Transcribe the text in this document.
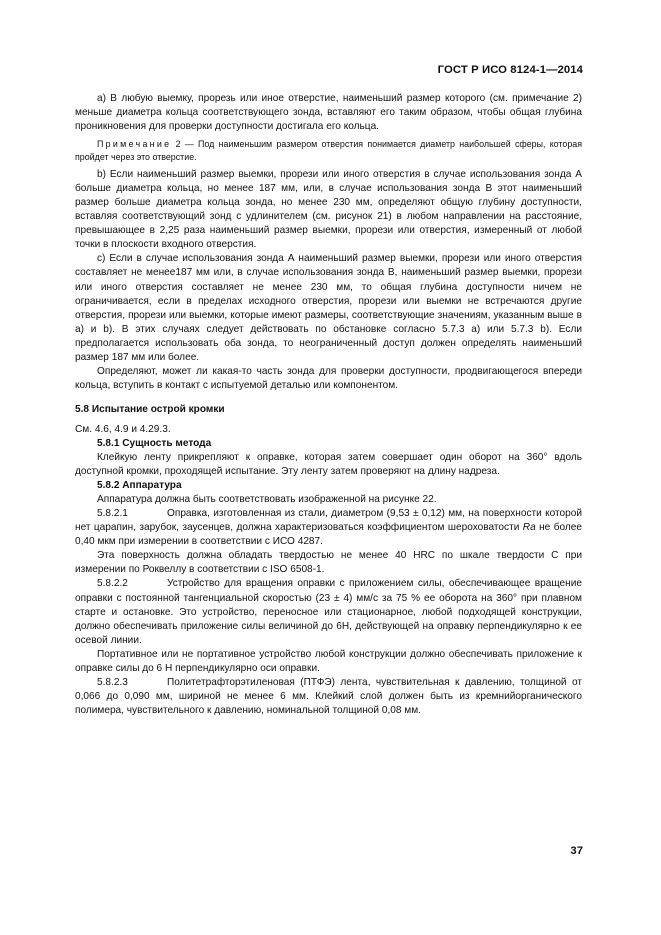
ГОСТ Р ИСО 8124-1—2014

а) В любую выемку, прорезь или иное отверстие, наименьший размер которого (см. примечание 2) меньше диаметра кольца соответствующего зонда, вставляют его таким образом, чтобы общая глубина проникновения для проверки доступности достигала его кольца.

Примечание 2 — Под наименьшим размером отверстия понимается диаметр наибольшей сферы, которая пройдет через это отверстие.

b) Если наименьший размер выемки, прорези или иного отверстия в случае использования зонда А больше диаметра кольца, но менее 187 мм, или, в случае использования зонда В этот наименьший размер больше диаметра кольца зонда, но менее 230 мм, определяют общую глубину доступности, вставляя соответствующий зонд с удлинителем (см. рисунок 21) в любом направлении на расстояние, превышающее в 2,25 раза наименьший размер выемки, прорези или отверстия, измеренный от любой точки в плоскости входного отверстия.

с) Если в случае использования зонда А наименьший размер выемки, прорези или иного отверстия составляет не менее187 мм или, в случае использования зонда В, наименьший размер выемки, прорези или иного отверстия составляет не менее 230 мм, то общая глубина доступности ничем не ограничивается, если в пределах исходного отверстия, прорези или выемки не встречаются другие отверстия, прорези или выемки, которые имеют размеры, соответствующие значениям, указанным выше в а) и b). В этих случаях следует действовать по обстановке согласно 5.7.3 а) или 5.7.3 b). Если предполагается использовать оба зонда, то неограниченный доступ должен определять наименьший размер 187 мм или более.

Определяют, может ли какая-то часть зонда для проверки доступности, продвигающегося впереди кольца, вступить в контакт с испытуемой деталью или компонентом.

5.8 Испытание острой кромки

См. 4.6, 4.9 и 4.29.3.

5.8.1 Сущность метода

Клейкую ленту прикрепляют к оправке, которая затем совершает один оборот на 360° вдоль доступной кромки, проходящей испытание. Эту ленту затем проверяют на длину надреза.

5.8.2 Аппаратура

Аппаратура должна быть соответствовать изображенной на рисунке 22.

5.8.2.1	Оправка, изготовленная из стали, диаметром (9,53 ± 0,12) мм, на поверхности которой нет царапин, зарубок, заусенцев, должна характеризоваться коэффициентом шероховатости Ra не более 0,40 мкм при измерении в соответствии с ИСО 4287.

Эта поверхность должна обладать твердостью не менее 40 HRC по шкале твердости С при измерении по Роквеллу в соответствии с ISO 6508-1.

5.8.2.2	Устройство для вращения оправки с приложением силы, обеспечивающее вращение оправки с постоянной тангенциальной скоростью (23 ± 4) мм/с за 75 % ее оборота на 360° при плавном старте и остановке. Это устройство, переносное или стационарное, любой подходящей конструкции, должно обеспечивать приложение силы величиной до 6Н, действующей на оправку перпендикулярно к ее осевой линии.

Портативное или не портативное устройство любой конструкции должно обеспечивать приложение к оправке силы до 6 Н перпендикулярно оси оправки.

5.8.2.3	Политетрафторэтиленовая (ПТФЭ) лента, чувствительная к давлению, толщиной от 0,066 до 0,090 мм, шириной не менее 6 мм. Клейкий слой должен быть из кремнийорганического полимера, чувствительного к давлению, номинальной толщиной 0,08 мм.

37
